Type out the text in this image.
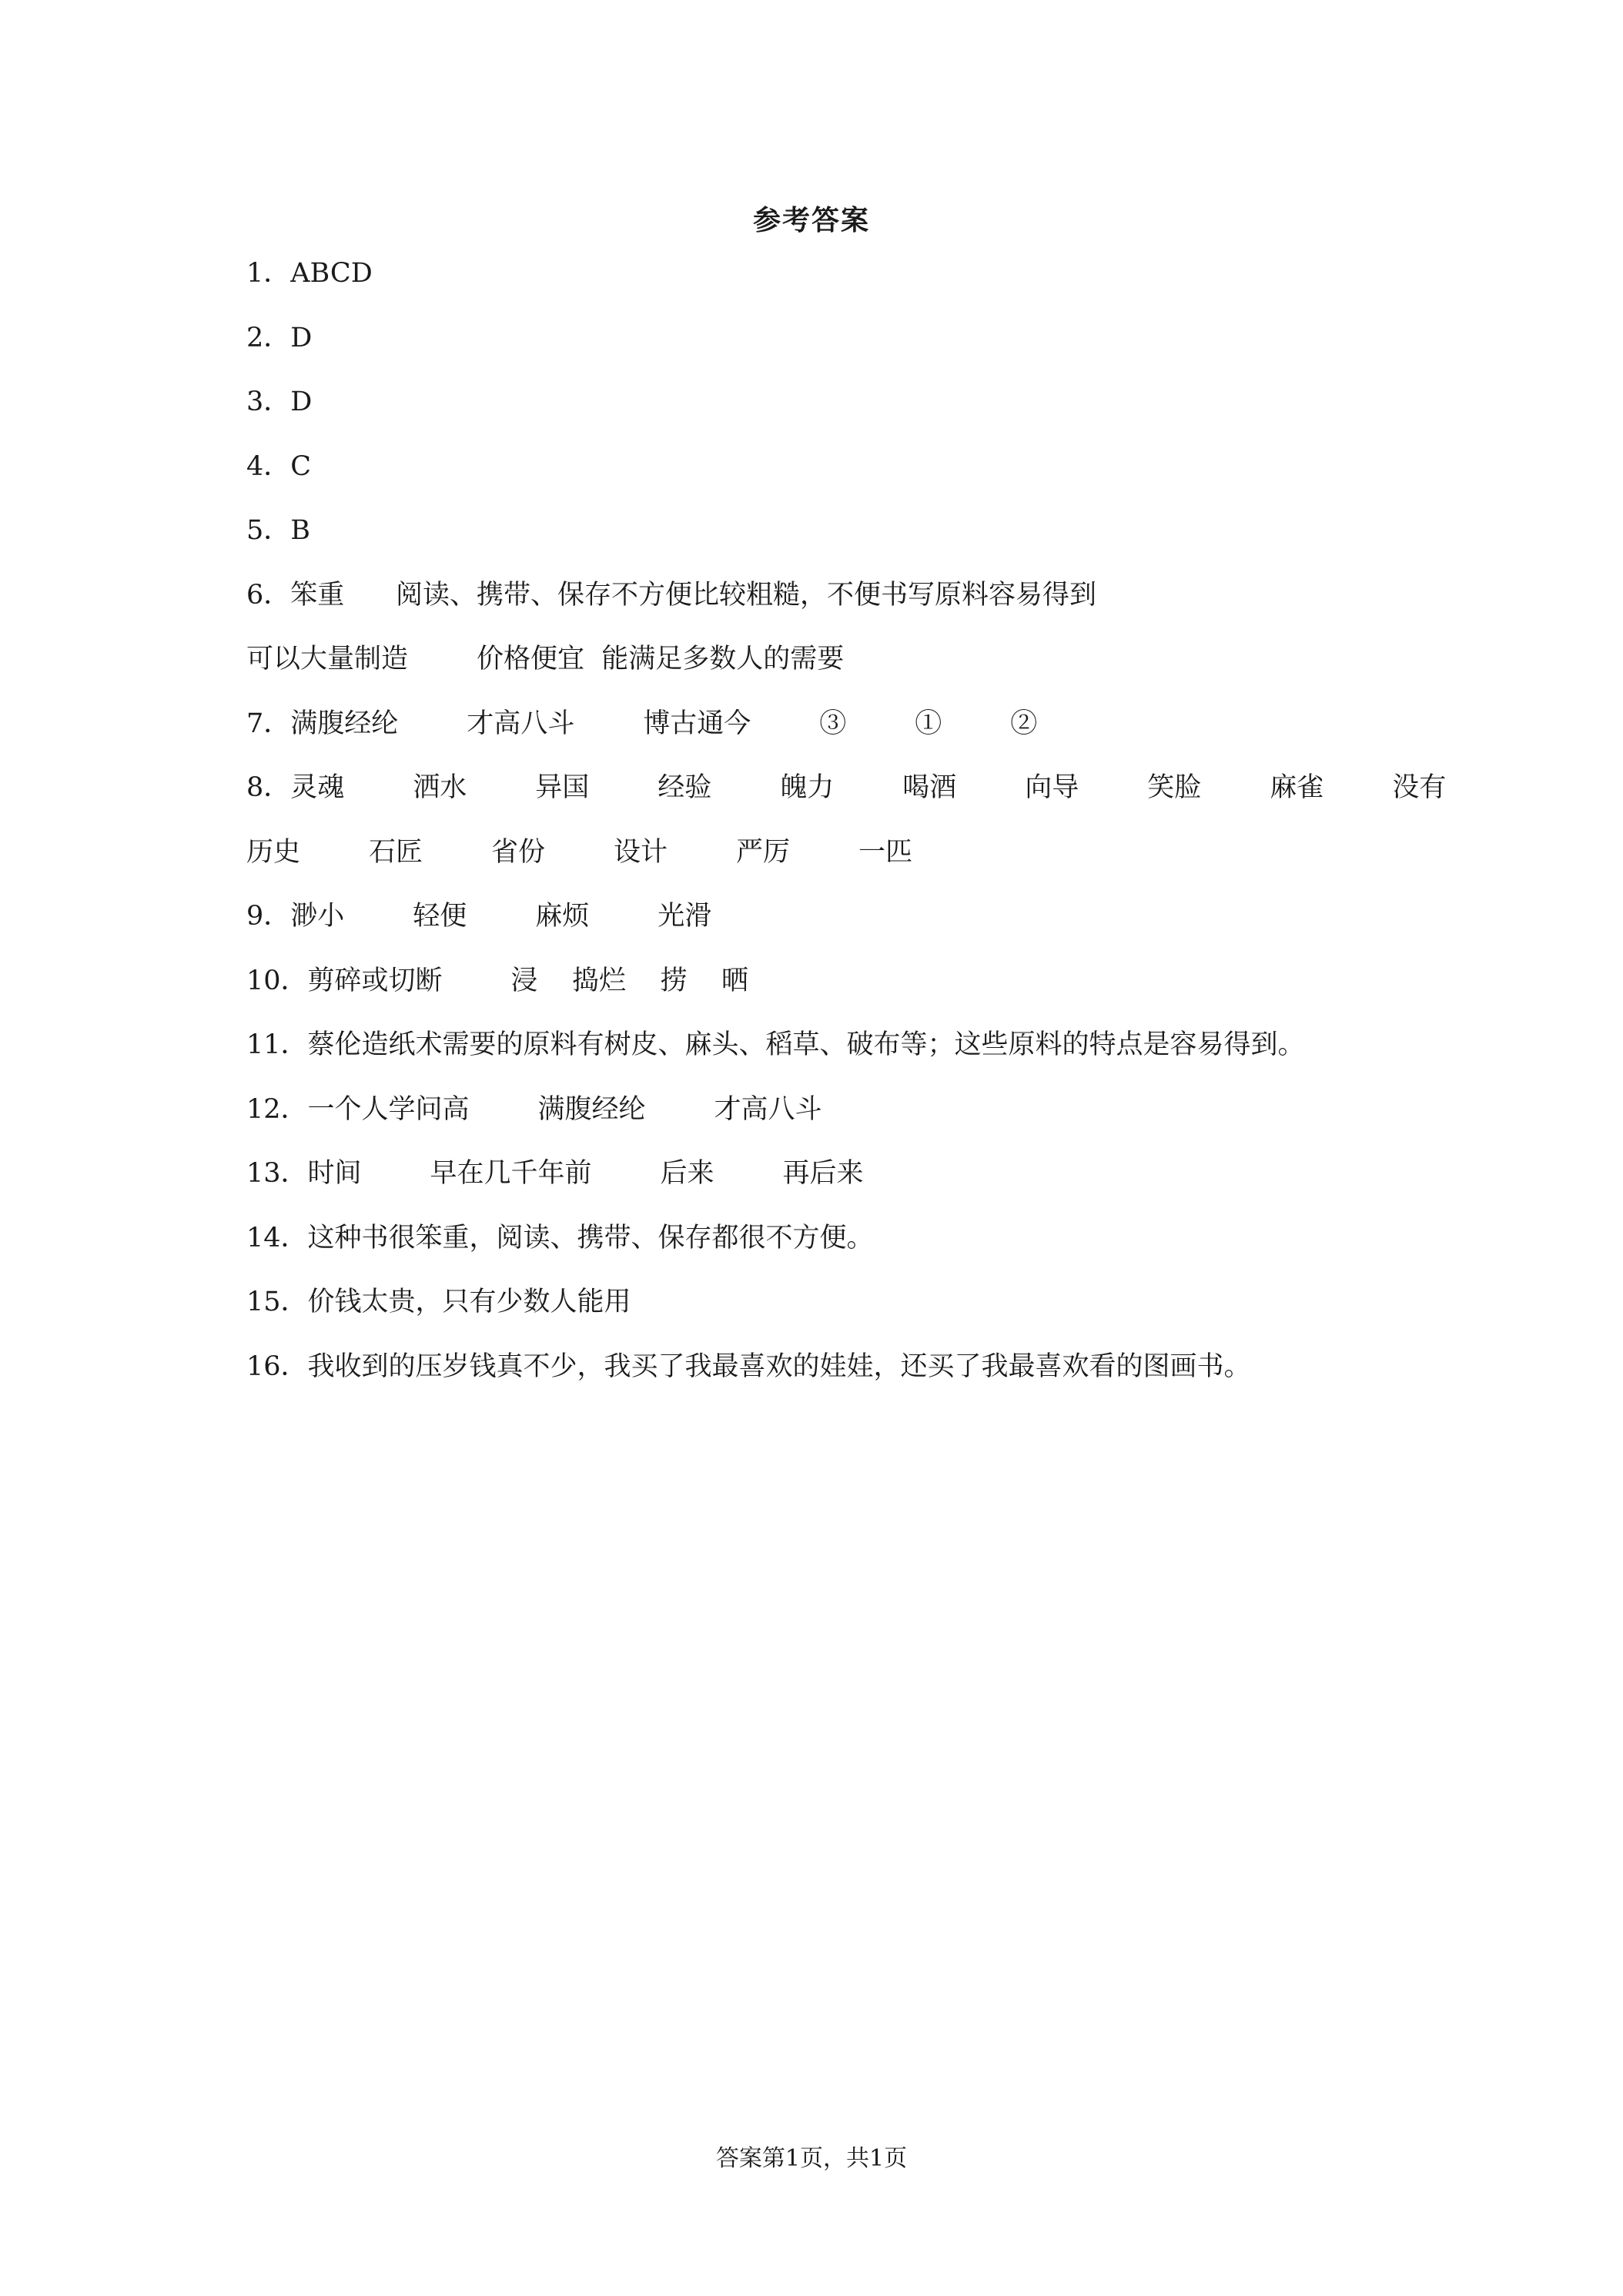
参考答案
1．ABCD
2．D
3．D
4．C
5．B
6．笨重      阅读、携带、保存不方便比较粗糙，不便书写原料容易得到
可以大量制造        价格便宜  能满足多数人的需要
7．满腹经纶        才高八斗        博古通今        ③        ①        ②
8．灵魂        洒水        异国        经验        魄力        喝酒        向导        笑脸        麻雀        没有
历史        石匠        省份        设计        严厉        一匹
9．渺小        轻便        麻烦        光滑
10．剪碎或切断        浸    捣烂    捞    晒
11．蔡伦造纸术需要的原料有树皮、麻头、稻草、破布等；这些原料的特点是容易得到。
12．一个人学问高        满腹经纶        才高八斗
13．时间        早在几千年前        后来        再后来
14．这种书很笨重，阅读、携带、保存都很不方便。
15．价钱太贵，只有少数人能用
16．我收到的压岁钱真不少，我买了我最喜欢的娃娃，还买了我最喜欢看的图画书。
答案第1页，共1页
